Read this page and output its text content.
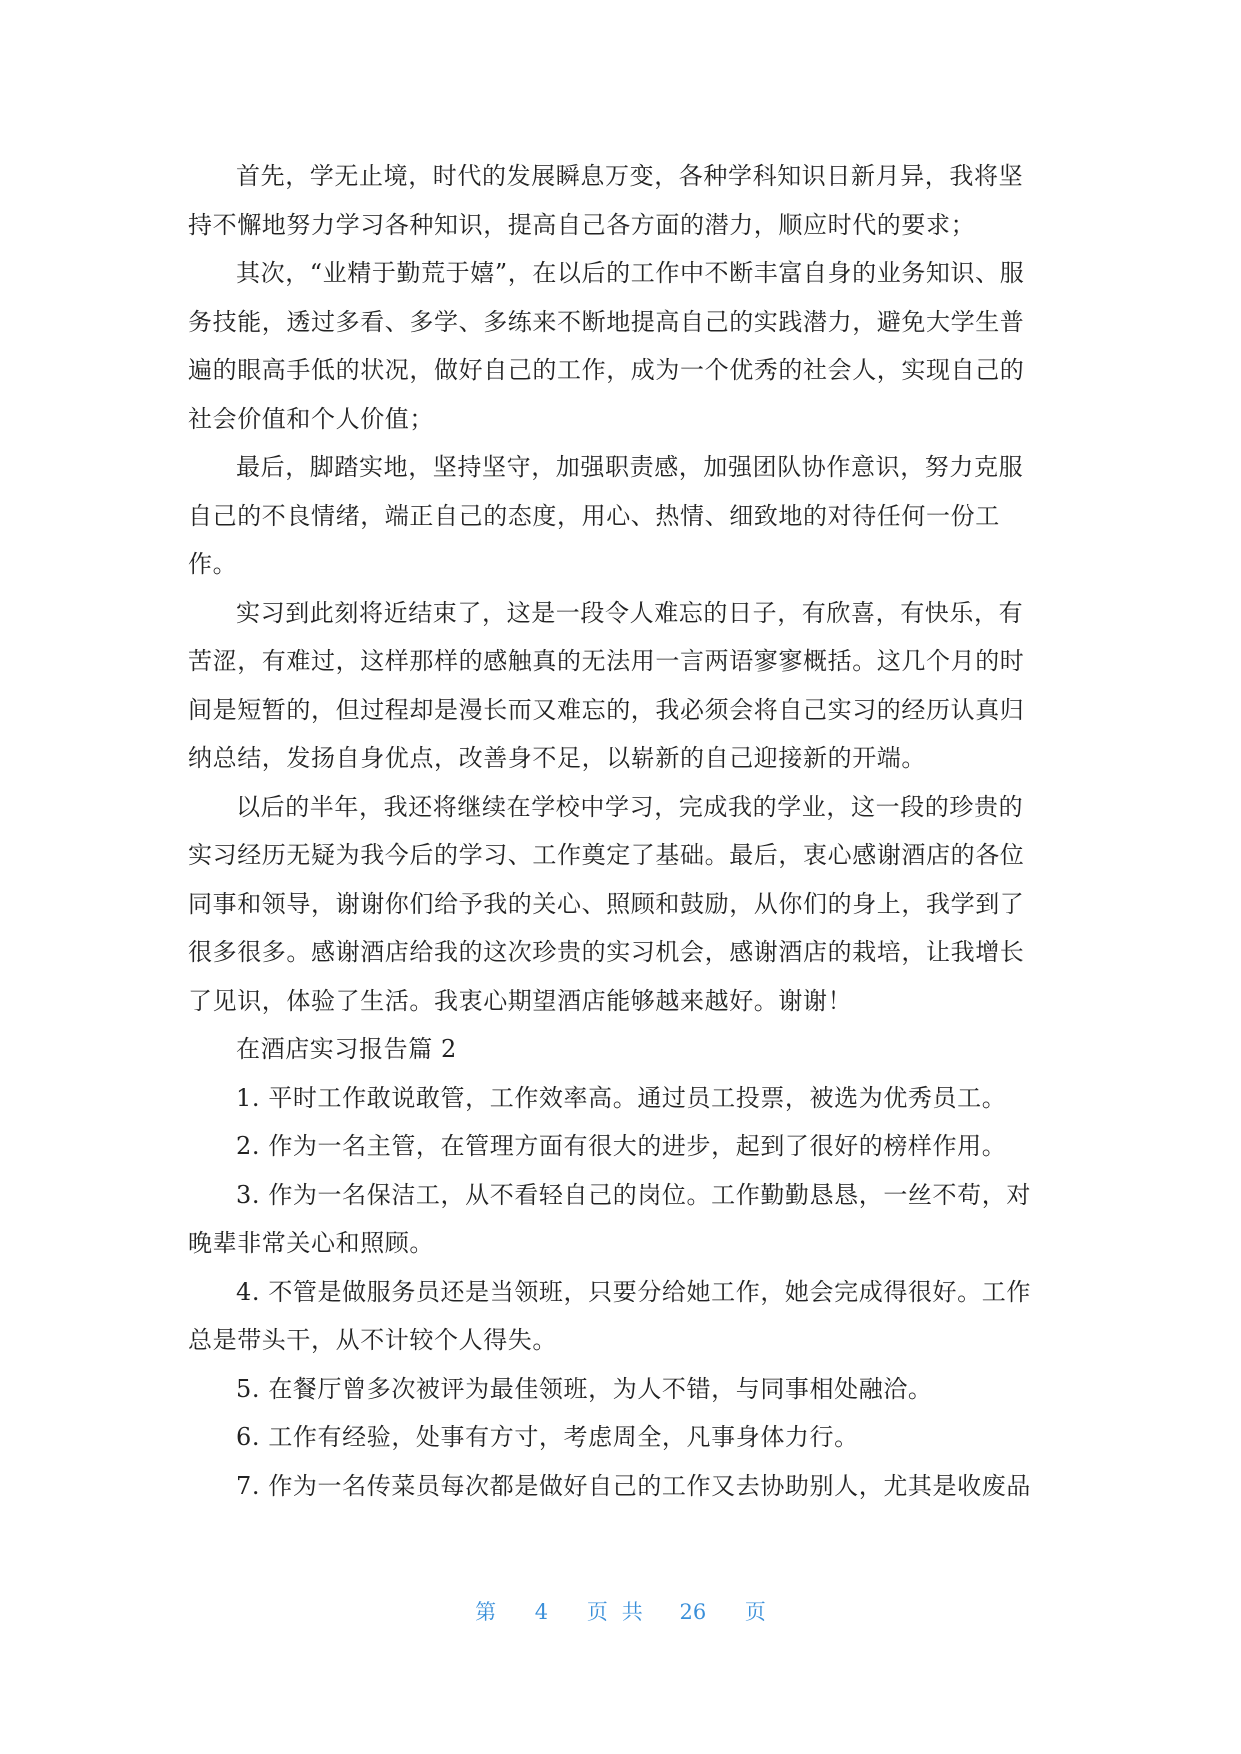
首先，学无止境，时代的发展瞬息万变，各种学科知识日新月异，我将坚
持不懈地努力学习各种知识，提高自己各方面的潜力，顺应时代的要求；

其次，“业精于勤荒于嬉”，在以后的工作中不断丰富自身的业务知识、服
务技能，透过多看、多学、多练来不断地提高自己的实践潜力，避免大学生普
遍的眼高手低的状况，做好自己的工作，成为一个优秀的社会人，实现自己的
社会价值和个人价值；

最后，脚踏实地，坚持坚守，加强职责感，加强团队协作意识，努力克服
自己的不良情绪，端正自己的态度，用心、热情、细致地的对待任何一份工
作。

实习到此刻将近结束了，这是一段令人难忘的日子，有欣喜，有快乐，有
苦涩，有难过，这样那样的感触真的无法用一言两语寥寥概括。这几个月的时
间是短暂的，但过程却是漫长而又难忘的，我必须会将自己实习的经历认真归
纳总结，发扬自身优点，改善身不足，以崭新的自己迎接新的开端。

以后的半年，我还将继续在学校中学习，完成我的学业，这一段的珍贵的
实习经历无疑为我今后的学习、工作奠定了基础。最后，衷心感谢酒店的各位
同事和领导，谢谢你们给予我的关心、照顾和鼓励，从你们的身上，我学到了
很多很多。感谢酒店给我的这次珍贵的实习机会，感谢酒店的栽培，让我增长
了见识，体验了生活。我衷心期望酒店能够越来越好。谢谢！

在酒店实习报告篇 2

1. 平时工作敢说敢管，工作效率高。通过员工投票，被选为优秀员工。

2. 作为一名主管，在管理方面有很大的进步，起到了很好的榜样作用。

3. 作为一名保洁工，从不看轻自己的岗位。工作勤勤恳恳，一丝不苟，对
晚辈非常关心和照顾。

4. 不管是做服务员还是当领班，只要分给她工作，她会完成得很好。工作
总是带头干，从不计较个人得失。

5. 在餐厅曾多次被评为最佳领班，为人不错，与同事相处融洽。

6. 工作有经验，处事有方寸，考虑周全，凡事身体力行。

7. 作为一名传菜员每次都是做好自己的工作又去协助别人，尤其是收废品

第 4 页共 26 页
